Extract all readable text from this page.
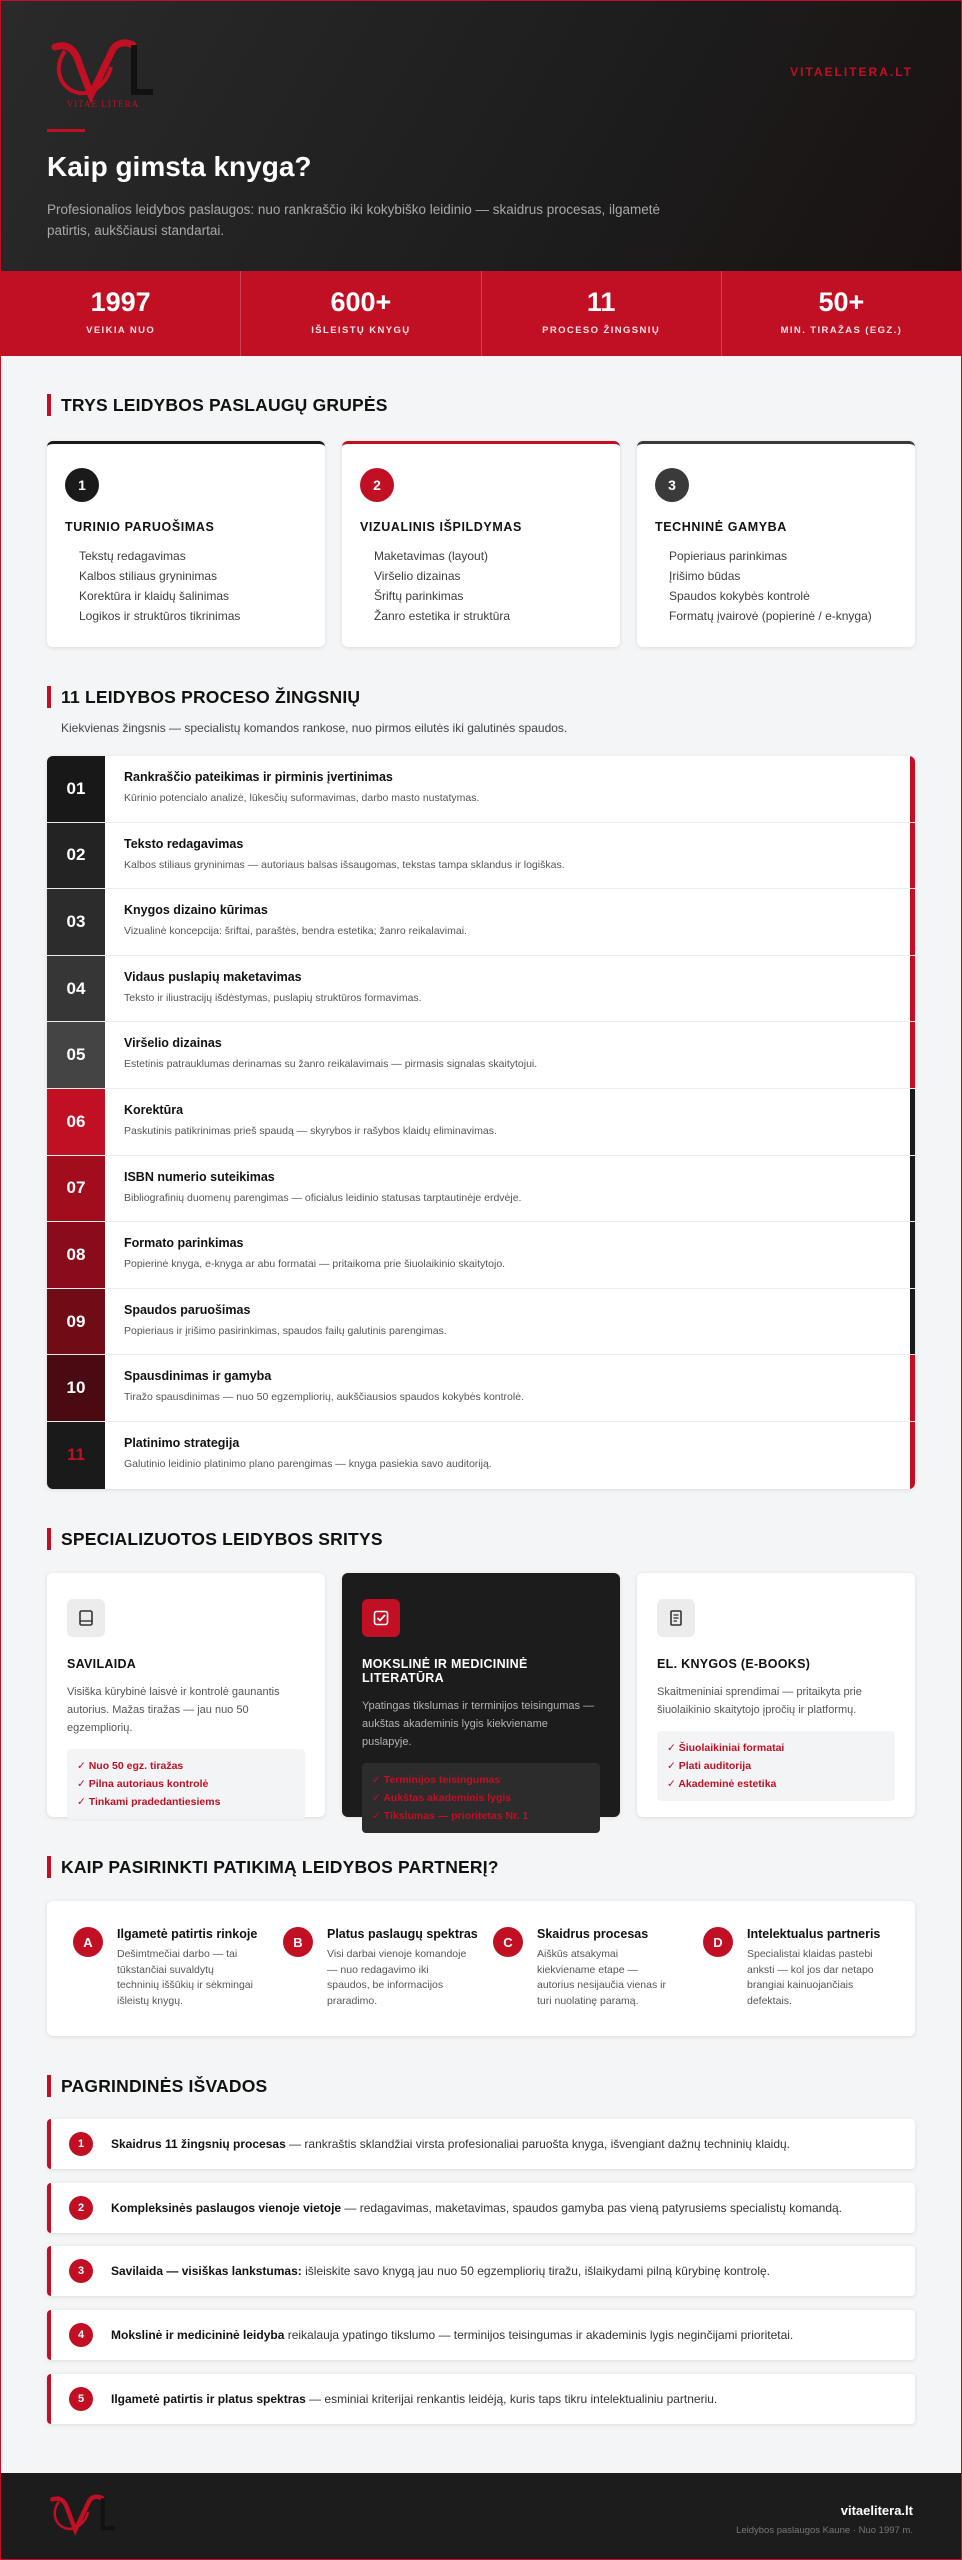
VITAE LITERA
VITAELITERA.LT
Kaip gimsta knyga?

Profesionalios leidybos paslaugos: nuo rankraščio iki kokybiško leidinio — skaidrus procesas, ilgametė patirtis, aukščiausi standartai.

1997
VEIKIA NUO
600+
IŠLEISTŲ KNYGŲ
11
PROCESO ŽINGSNIŲ
50+
MIN. TIRAŽAS (EGZ.)
TRYS LEIDYBOS PASLAUGŲ GRUPĖS
1
TURINIO PARUOŠIMAS
Tekstų redagavimas
Kalbos stiliaus gryninimas
Korektūra ir klaidų šalinimas
Logikos ir struktūros tikrinimas
2
VIZUALINIS IŠPILDYMAS
Maketavimas (layout)
Viršelio dizainas
Šriftų parinkimas
Žanro estetika ir struktūra
3
TECHNINĖ GAMYBA
Popieriaus parinkimas
Įrišimo būdas
Spaudos kokybės kontrolė
Formatų įvairovė (popierinė / e-knyga)
11 LEIDYBOS PROCESO ŽINGSNIŲ

Kiekvienas žingsnis — specialistų komandos rankose, nuo pirmos eilutės iki galutinės spaudos.

01
Rankraščio pateikimas ir pirminis įvertinimas
Kūrinio potencialo analizė, lūkesčių suformavimas, darbo masto nustatymas.
02
Teksto redagavimas
Kalbos stiliaus gryninimas — autoriaus balsas išsaugomas, tekstas tampa sklandus ir logiškas.
03
Knygos dizaino kūrimas
Vizualinė koncepcija: šriftai, paraštės, bendra estetika; žanro reikalavimai.
04
Vidaus puslapių maketavimas
Teksto ir iliustracijų išdėstymas, puslapių struktūros formavimas.
05
Viršelio dizainas
Estetinis patrauklumas derinamas su žanro reikalavimais — pirmasis signalas skaitytojui.
06
Korektūra
Paskutinis patikrinimas prieš spaudą — skyrybos ir rašybos klaidų eliminavimas.
07
ISBN numerio suteikimas
Bibliografinių duomenų parengimas — oficialus leidinio statusas tarptautinėje erdvėje.
08
Formato parinkimas
Popierinė knyga, e-knyga ar abu formatai — pritaikoma prie šiuolaikinio skaitytojo.
09
Spaudos paruošimas
Popieriaus ir įrišimo pasirinkimas, spaudos failų galutinis parengimas.
10
Spausdinimas ir gamyba
Tiražo spausdinimas — nuo 50 egzempliorių, aukščiausios spaudos kokybės kontrolė.
11
Platinimo strategija
Galutinio leidinio platinimo plano parengimas — knyga pasiekia savo auditoriją.
SPECIALIZUOTOS LEIDYBOS SRITYS
SAVILAIDA
Visiška kūrybinė laisvė ir kontrolė gaunantis autorius. Mažas tiražas — jau nuo 50 egzempliorių.
✓ Nuo 50 egz. tiražas
✓ Pilna autoriaus kontrolė
✓ Tinkami pradedantiesiems
MOKSLINĖ IR MEDICININĖ LITERATŪRA
Ypatingas tikslumas ir terminijos teisingumas — aukštas akademinis lygis kiekviename puslapyje.
✓ Terminijos teisingumas
✓ Aukštas akademinis lygis
✓ Tikslumas — prioritetas Nr. 1
EL. KNYGOS (E-BOOKS)
Skaitmeniniai sprendimai — pritaikyta prie šiuolaikinio skaitytojo įpročių ir platformų.
✓ Šiuolaikiniai formatai
✓ Plati auditorija
✓ Akademinė estetika
KAIP PASIRINKTI PATIKIMĄ LEIDYBOS PARTNERĮ?
A
Ilgametė patirtis rinkoje
Dešimtmečiai darbo — tai tūkstančiai suvaldytų techninių iššūkių ir sėkmingai išleistų knygų.
B
Platus paslaugų spektras
Visi darbai vienoje komandoje — nuo redagavimo iki spaudos, be informacijos praradimo.
C
Skaidrus procesas
Aiškūs atsakymai kiekviename etape — autorius nesijaučia vienas ir turi nuolatinę paramą.
D
Intelektualus partneris
Specialistai klaidas pastebi anksti — kol jos dar netapo brangiai kainuojančiais defektais.
PAGRINDINĖS IŠVADOS
1	Skaidrus 11 žingsnių procesas — rankraštis sklandžiai virsta profesionaliai paruošta knyga, išvengiant dažnų techninių klaidų.
2	Kompleksinės paslaugos vienoje vietoje — redagavimas, maketavimas, spaudos gamyba pas vieną patyrusiems specialistų komandą.
3	Savilaida — visiškas lankstumas: išleiskite savo knygą jau nuo 50 egzempliorių tiražu, išlaikydami pilną kūrybinę kontrolę.
4	Mokslinė ir medicininė leidyba reikalauja ypatingo tikslumo — terminijos teisingumas ir akademinis lygis neginčijami prioritetai.
5	Ilgametė patirtis ir platus spektras — esminiai kriterijai renkantis leidėją, kuris taps tikru intelektualiniu partneriu.
vitaelitera.lt
Leidybos paslaugos Kaune · Nuo 1997 m.
